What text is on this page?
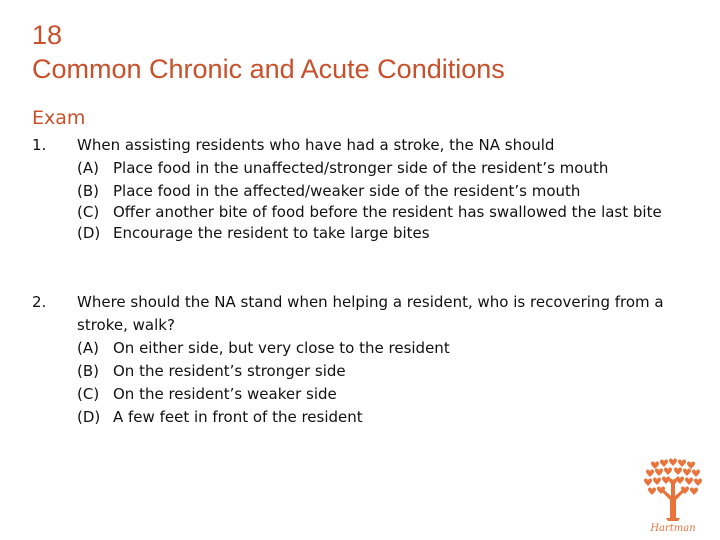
18
Common Chronic and Acute Conditions
Exam
1. When assisting residents who have had a stroke, the NA should
(A) Place food in the unaffected/stronger side of the resident’s mouth
(B) Place food in the affected/weaker side of the resident’s mouth
(C) Offer another bite of food before the resident has swallowed the last bite
(D) Encourage the resident to take large bites
2. Where should the NA stand when helping a resident, who is recovering from a stroke, walk?
(A) On either side, but very close to the resident
(B) On the resident’s stronger side
(C) On the resident’s weaker side
(D) A few feet in front of the resident
Hartman
